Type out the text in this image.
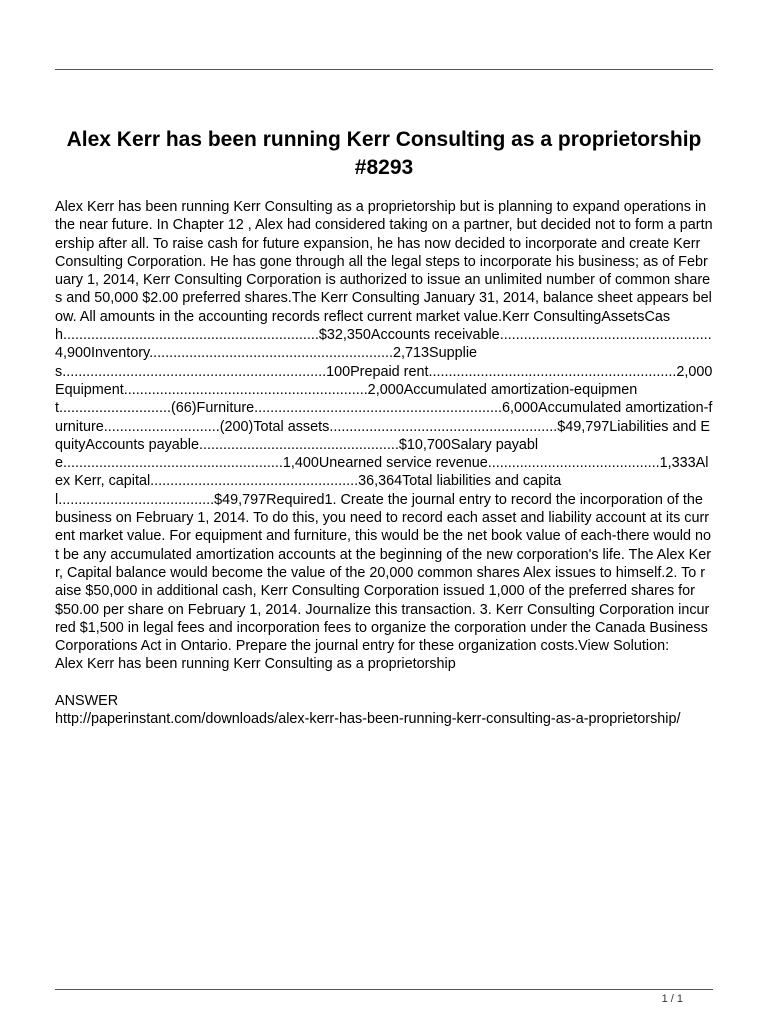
Alex Kerr has been running Kerr Consulting as a proprietorship #8293

Alex Kerr has been running Kerr Consulting as a proprietorship but is planning to expand operations in the near future. In Chapter 12 , Alex had considered taking on a partner, but decided not to form a partnership after all. To raise cash for future expansion, he has now decided to incorporate and create Kerr Consulting Corporation. He has gone through all the legal steps to incorporate his business; as of February 1, 2014, Kerr Consulting Corporation is authorized to issue an unlimited number of common shares and 50,000 $2.00 preferred shares.The Kerr Consulting January 31, 2014, balance sheet appears below. All amounts in the accounting records reflect current market value.Kerr ConsultingAssetsCash................................................................$32,350Accounts receivable.....................................................4,900Inventory.............................................................2,713Supplies..................................................................100Prepaid rent..............................................................2,000Equipment.............................................................2,000Accumulated amortization-equipment............................(66)Furniture..............................................................6,000Accumulated amortization-furniture.............................(200)Total assets.........................................................$49,797Liabilities and EquityAccounts payable..................................................$10,700Salary payable.......................................................1,400Unearned service revenue...........................................1,333Alex Kerr, capital....................................................36,364Total liabilities and capital.......................................$49,797Required1. Create the journal entry to record the incorporation of the business on February 1, 2014. To do this, you need to record each asset and liability account at its current market value. For equipment and furniture, this would be the net book value of each-there would not be any accumulated amortization accounts at the beginning of the new corporation's life. The Alex Kerr, Capital balance would become the value of the 20,000 common shares Alex issues to himself.2. To raise $50,000 in additional cash, Kerr Consulting Corporation issued 1,000 of the preferred shares for $50.00 per share on February 1, 2014. Journalize this transaction. 3. Kerr Consulting Corporation incurred $1,500 in legal fees and incorporation fees to organize the corporation under the Canada Business Corporations Act in Ontario. Prepare the journal entry for these organization costs.View Solution:

Alex Kerr has been running Kerr Consulting as a proprietorship

ANSWER

http://paperinstant.com/downloads/alex-kerr-has-been-running-kerr-consulting-as-a-proprietorship/

1 / 1
